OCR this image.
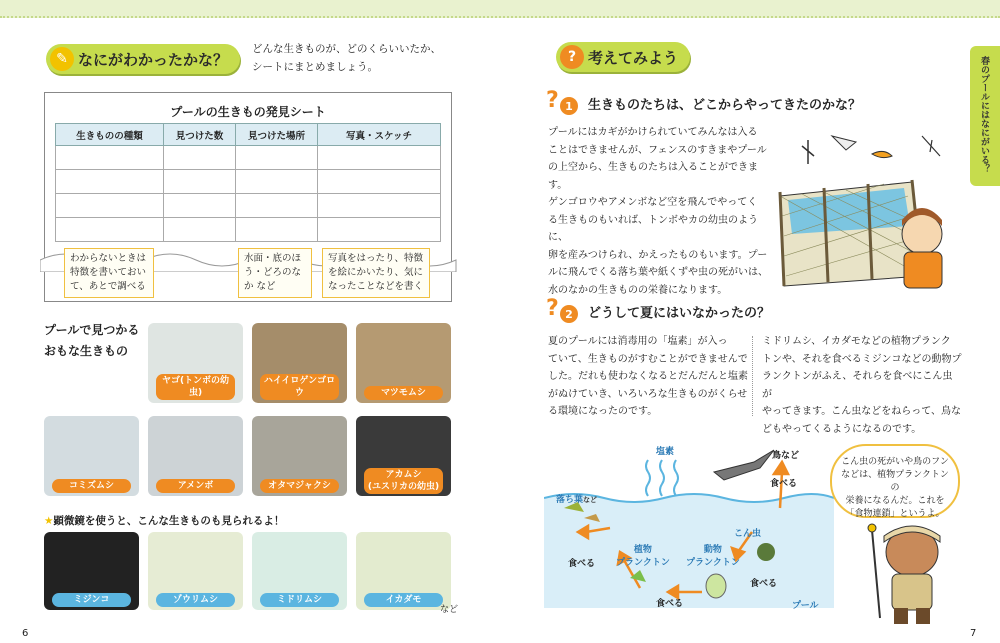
✎ なにがわかったかな？
どんな生きものが、どのくらいいたか、
シートにまとめましょう。
プールの生きもの発見シート
生きものの種類	見つけた数	見つけた場所	写真・スケッチ

わからないときは特徴を書いておいて、あとで調べる
水面・底のほう・どろのなか など
写真をはったり、特徴を絵にかいたり、気になったことなどを書く
プールで見つかる
おもな生きもの
ヤゴ(トンボの幼虫)
ハイイロゲンゴロウ	マツモムシ
コミズムシ	アメンボ	オタマジャクシ
アカムシ
(ユスリカの幼虫)
★顕微鏡を使うと、こんな生きものも見られるよ！
ミジンコ	ゾウリムシ	ミドリムシ	イカダモ
など
6
? 考えてみよう
? 1	生きものたちは、どこからやってきたのかな？
プールにはカギがかけられていてみんなは入る
ことはできませんが、フェンスのすきまやプール
の上空から、生きものたちは入ることができます。
ゲンゴロウやアメンボなど空を飛んでやってく
る生きものもいれば、トンボやカの幼虫のように、
卵を産みつけられ、かえったものもいます。プー
ルに飛んでくる落ち葉や紙くずや虫の死がいは、
水のなかの生きものの栄養になります。
? 2	どうして夏にはいなかったの？
夏のプールには消毒用の「塩素」が入っ
ていて、生きものがすむことができませんで
した。だれも使わなくなるとだんだんと塩素
がぬけていき、いろいろな生きものがくらせ
る環境になったのです。
ミドリムシ、イカダモなどの植物プランク
トンや、それを食べるミジンコなどの動物プ
ランクトンがふえ、それらを食べにこん虫が
やってきます。こん虫などをねらって、鳥な
どもやってくるようになるのです。
塩素	鳥など
食べる
落ち葉など
こん虫
植物
プランクトン
動物
プランクトン
食べる
食べる
食べる	プール
7
春のプールにはなにがいる？
こん虫の死がいや鳥のフン
などは、植物プランクトンの
栄養になるんだ。これを
「食物連鎖」というよ。
